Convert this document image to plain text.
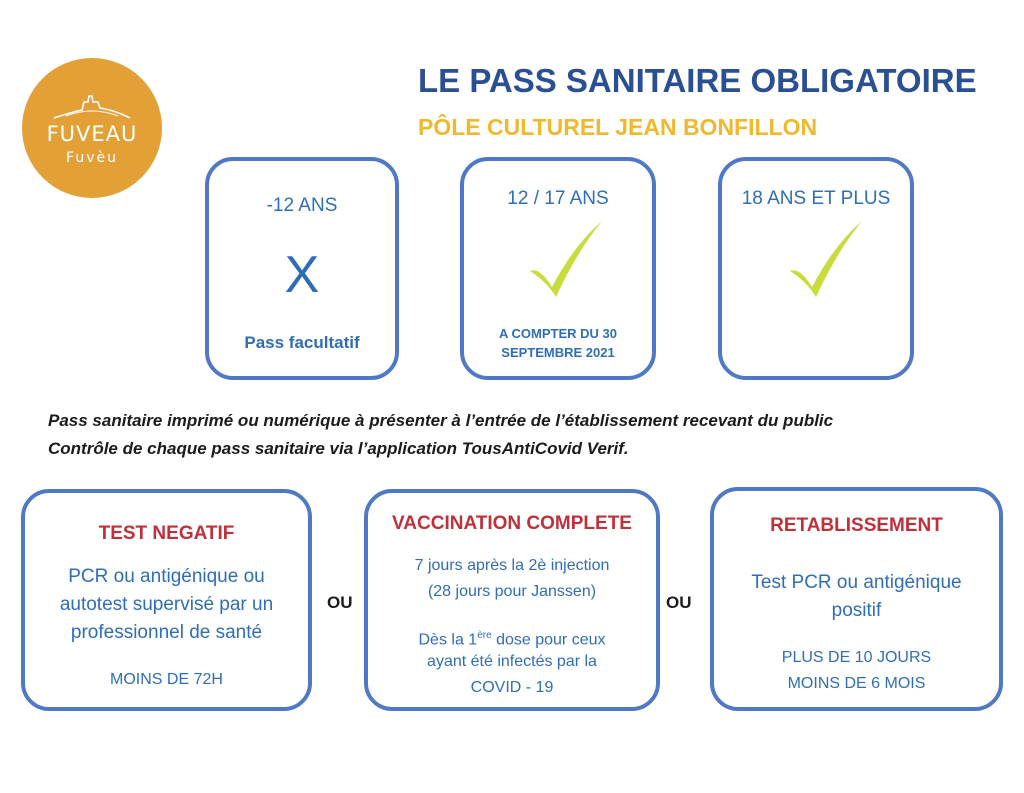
FUVEAU
Fuvèu
LE PASS SANITAIRE OBLIGATOIRE
PÔLE CULTUREL JEAN BONFILLON
-12 ANS
X
Pass facultatif
12 / 17 ANS
A COMPTER DU 30
SEPTEMBRE 2021
18 ANS ET PLUS
Pass sanitaire imprimé ou numérique à présenter à l’entrée de l’établissement recevant du public
Contrôle de chaque pass sanitaire via l’application TousAntiCovid Verif.
TEST NEGATIF
PCR ou antigénique ou
autotest supervisé par un
professionnel de santé
MOINS DE 72H
OU
VACCINATION COMPLETE
7 jours après la 2è injection
(28 jours pour Janssen)
Dès la 1ère dose pour ceux
ayant été infectés par la
COVID - 19
OU
RETABLISSEMENT
Test PCR ou antigénique
positif
PLUS DE 10 JOURS
MOINS DE 6 MOIS
